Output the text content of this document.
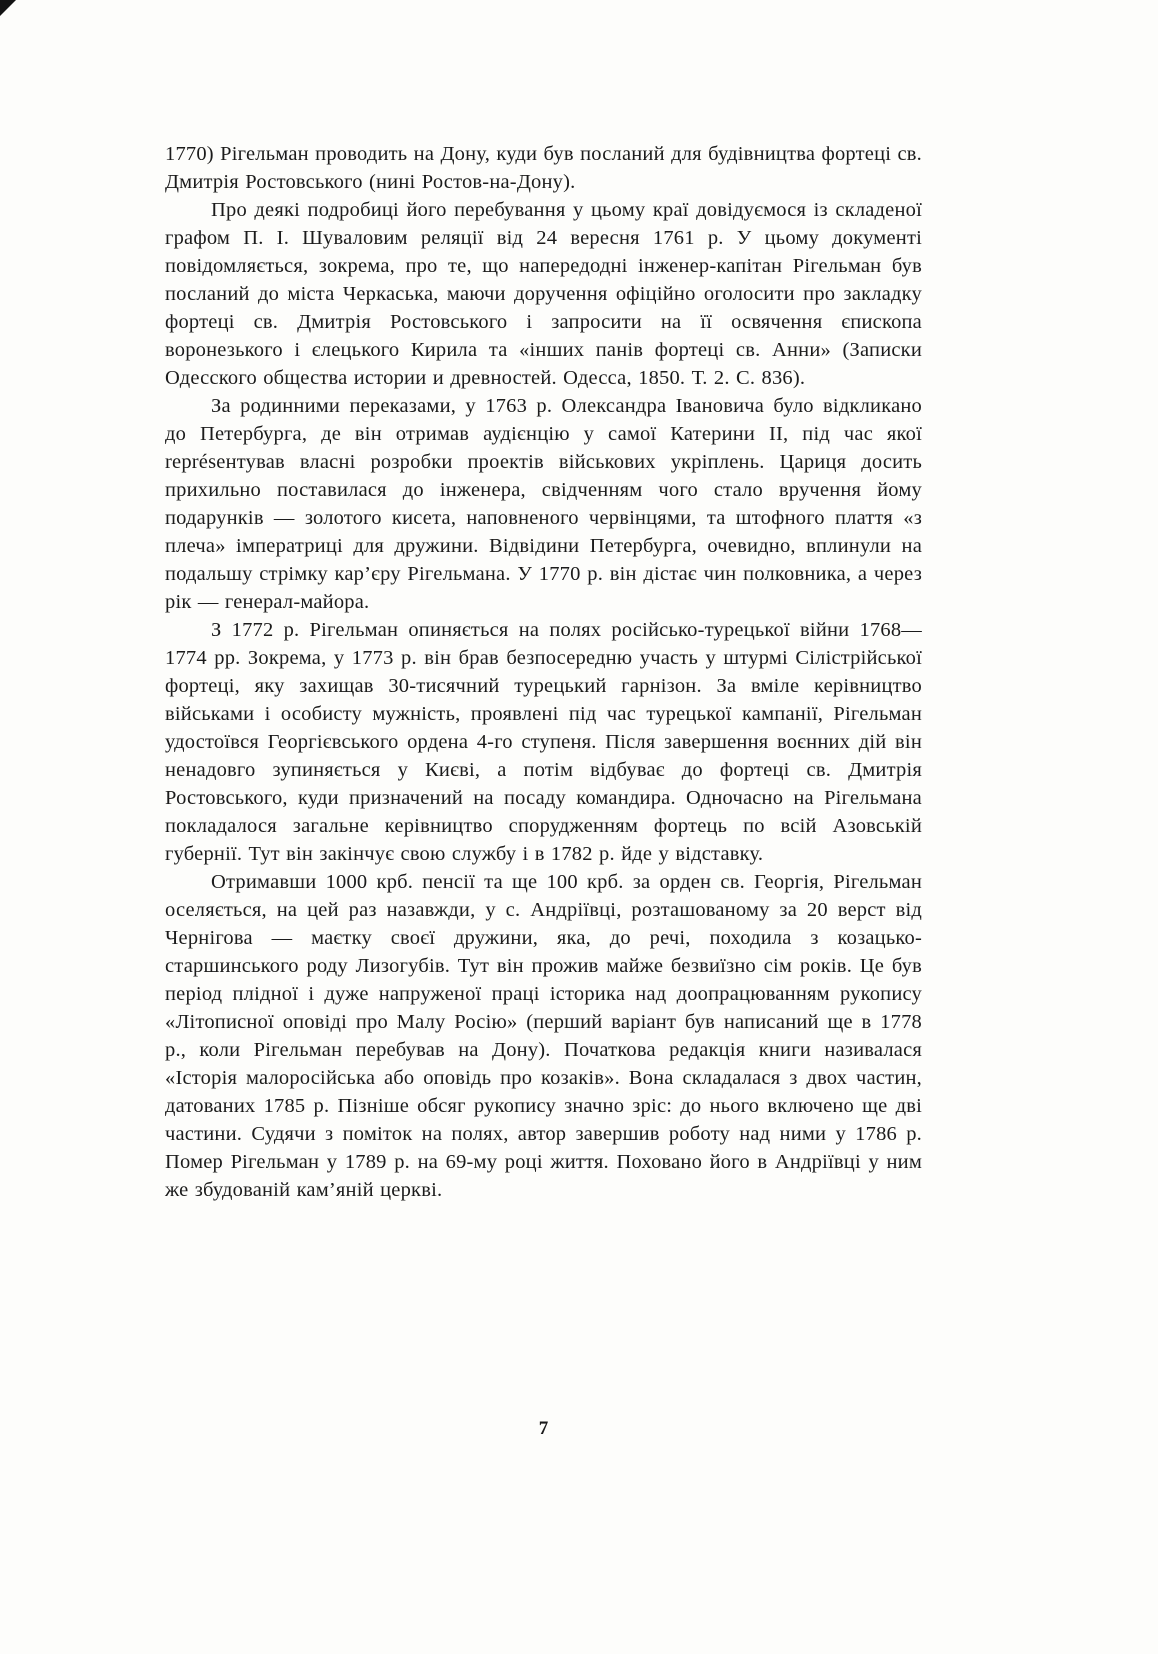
1770) Рігельман проводить на Дону, куди був посланий для будівництва фортеці св. Дмитрія Ростовського (нині Ростов-на-Дону).

Про деякі подробиці його перебування у цьому краї довідуємося із складеної графом П. І. Шуваловим реляції від 24 вересня 1761 р. У цьому документі повідомляється, зокрема, про те, що напередодні інженер-капітан Рігельман був посланий до міста Черкаська, маючи доручення офіційно оголосити про закладку фортеці св. Дмитрія Ростовського і запросити на її освячення єпископа воронезького і єлецького Кирила та «інших панів фортеці св. Анни» (Записки Одесского общества истории и древностей. Одесса, 1850. Т. 2. С. 836).

За родинними переказами, у 1763 р. Олександра Івановича було відкликано до Петербурга, де він отримав аудієнцію у самої Катерини II, під час якої représентував власні розробки проектів військових укріплень. Цариця досить прихильно поставилася до інженера, свідченням чого стало вручення йому подарунків — золотого кисета, наповненого червінцями, та штофного плаття «з плеча» імператриці для дружини. Відвідини Петербурга, очевидно, вплинули на подальшу стрімку кар’єру Рігельмана. У 1770 р. він дістає чин полковника, а через рік — генерал-майора.

З 1772 р. Рігельман опиняється на полях російсько-турецької війни 1768—1774 рр. Зокрема, у 1773 р. він брав безпосередню участь у штурмі Сілістрійської фортеці, яку захищав 30-тисячний турецький гарнізон. За вміле керівництво військами і особисту мужність, проявлені під час турецької кампанії, Рігельман удостоївся Георгієвського ордена 4-го ступеня. Після завершення воєнних дій він ненадовго зупиняється у Києві, а потім відбуває до фортеці св. Дмитрія Ростовського, куди призначений на посаду командира. Одночасно на Рігельмана покладалося загальне керівництво спорудженням фортець по всій Азовській губернії. Тут він закінчує свою службу і в 1782 р. йде у відставку.

Отримавши 1000 крб. пенсії та ще 100 крб. за орден св. Георгія, Рігельман оселяється, на цей раз назавжди, у с. Андріївці, розташованому за 20 верст від Чернігова — маєтку своєї дружини, яка, до речі, походила з козацько-старшинського роду Лизогубів. Тут він прожив майже безвиїзно сім років. Це був період плідної і дуже напруженої праці історика над доопрацюванням рукопису «Літописної оповіді про Малу Росію» (перший варіант був написаний ще в 1778 р., коли Рігельман перебував на Дону). Початкова редакція книги називалася «Історія малоросійська або оповідь про козаків». Вона складалася з двох частин, датованих 1785 р. Пізніше обсяг рукопису значно зріс: до нього включено ще дві частини. Судячи з поміток на полях, автор завершив роботу над ними у 1786 р. Помер Рігельман у 1789 р. на 69-му році життя. Поховано його в Андріївці у ним же збудованій кам’яній церкві.

7
